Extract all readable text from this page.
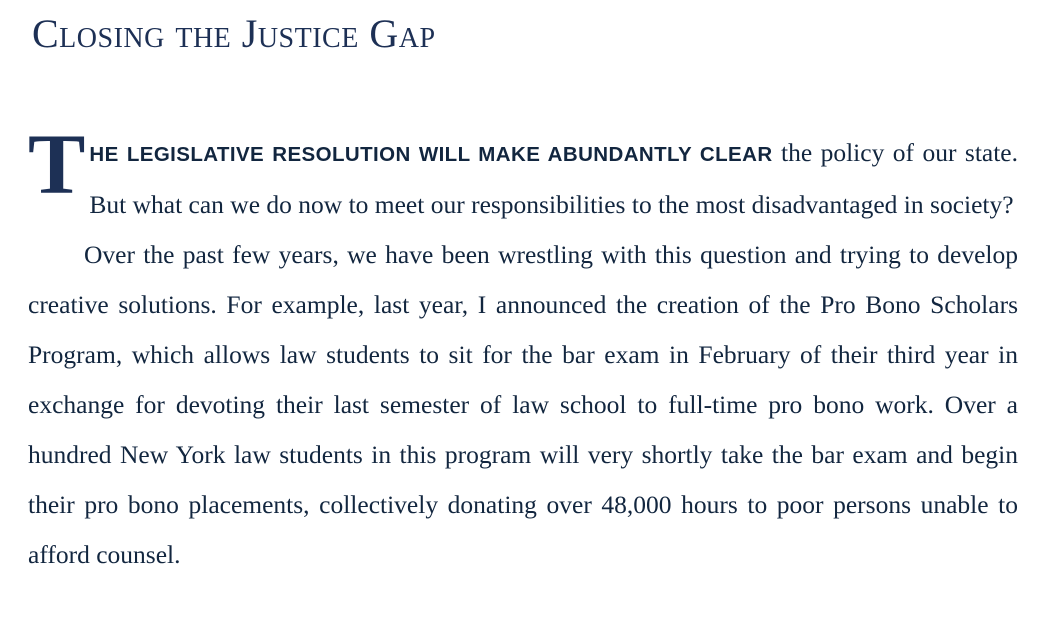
Closing the Justice Gap

THE LEGISLATIVE RESOLUTION WILL MAKE ABUNDANTLY CLEAR the policy of our state. But what can we do now to meet our responsibilities to the most disadvantaged in society?

Over the past few years, we have been wrestling with this question and trying to develop creative solutions. For example, last year, I announced the creation of the Pro Bono Scholars Program, which allows law students to sit for the bar exam in February of their third year in exchange for devoting their last semester of law school to full-time pro bono work. Over a hundred New York law students in this program will very shortly take the bar exam and begin their pro bono placements, collectively donating over 48,000 hours to poor persons unable to afford counsel.
